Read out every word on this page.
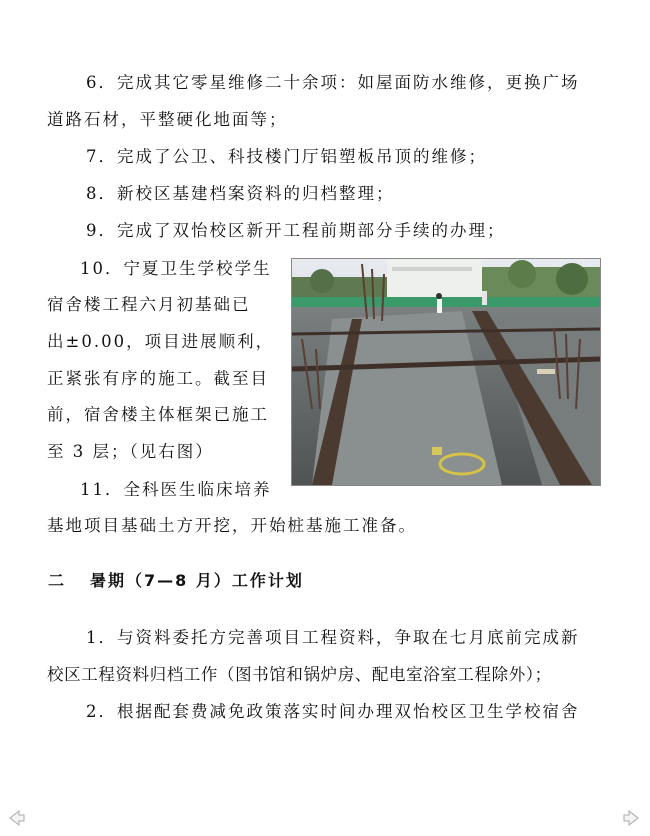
6．完成其它零星维修二十余项：如屋面防水维修，更换广场
道路石材，平整硬化地面等；
7．完成了公卫、科技楼门厅铝塑板吊顶的维修；
8．新校区基建档案资料的归档整理；
9．完成了双怡校区新开工程前期部分手续的办理；
10．宁夏卫生学校学生
宿舍楼工程六月初基础已
出±0.00，项目进展顺利，
正紧张有序的施工。截至目
前，宿舍楼主体框架已施工
至 3 层；（见右图）
11．全科医生临床培养
基地项目基础土方开挖，开始桩基施工准备。
二 暑期（7—8 月）工作计划
1．与资料委托方完善项目工程资料，争取在七月底前完成新
校区工程资料归档工作（图书馆和锅炉房、配电室浴室工程除外）；
2．根据配套费减免政策落实时间办理双怡校区卫生学校宿舍
